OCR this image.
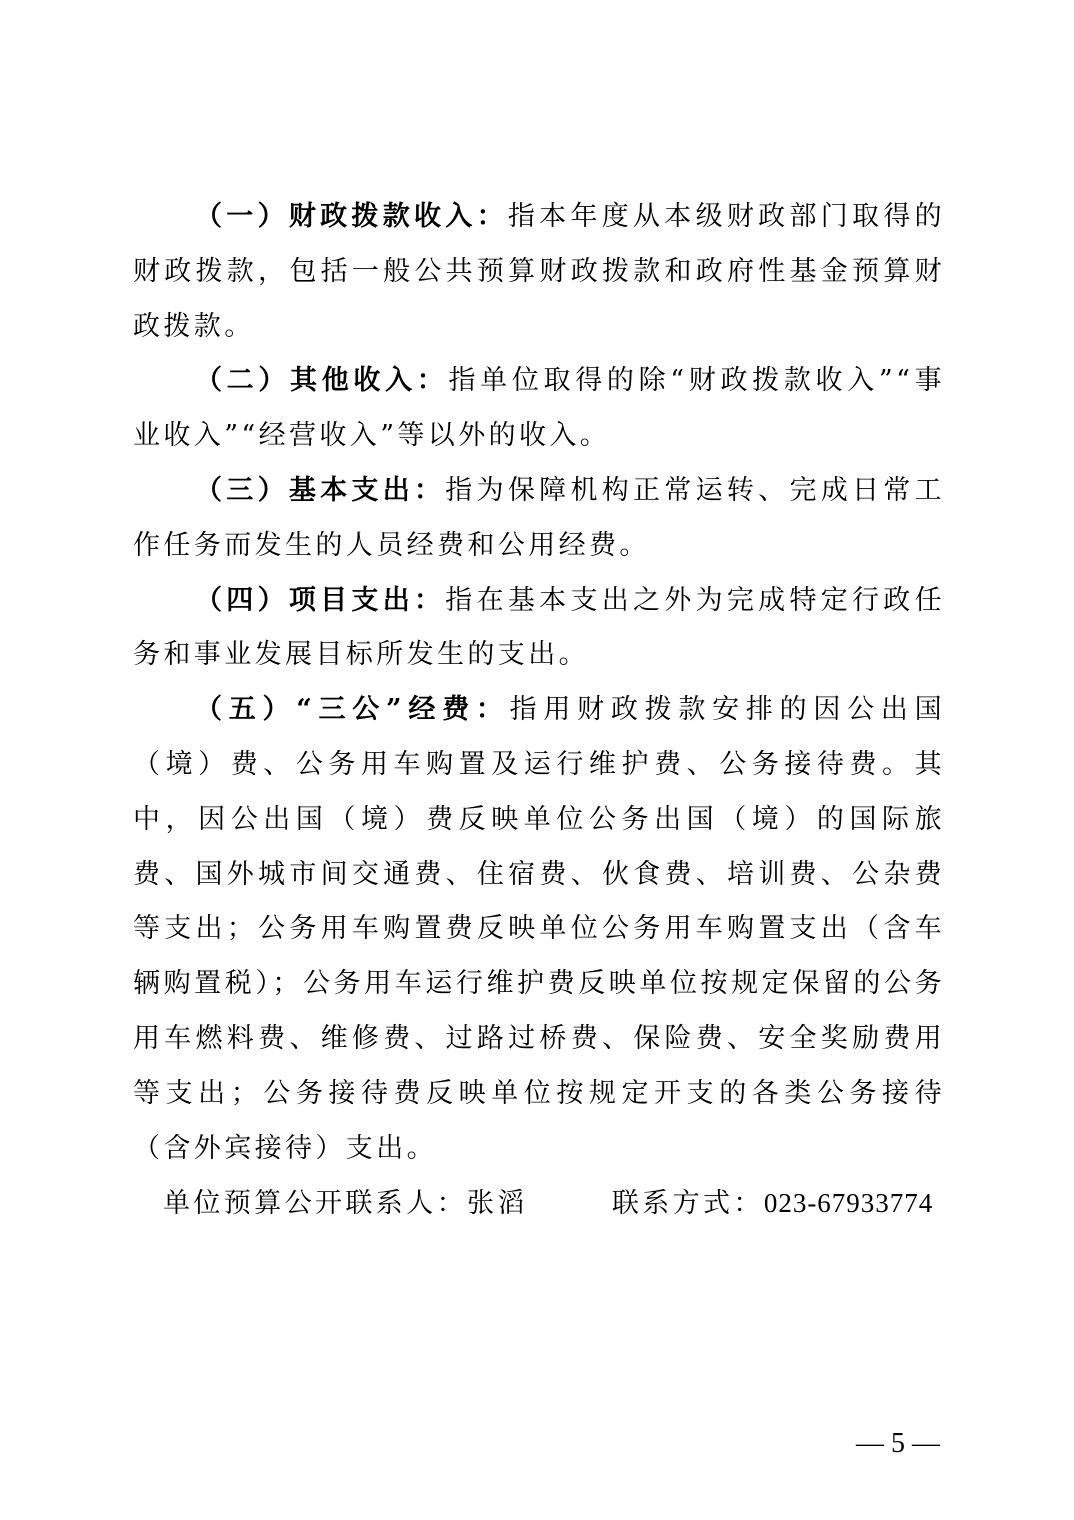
（一）财政拨款收入：指本年度从本级财政部门取得的财政拨款，包括一般公共预算财政拨款和政府性基金预算财政拨款。

（二）其他收入：指单位取得的除“财政拨款收入”“事业收入”“经营收入”等以外的收入。

（三）基本支出：指为保障机构正常运转、完成日常工作任务而发生的人员经费和公用经费。

（四）项目支出：指在基本支出之外为完成特定行政任务和事业发展目标所发生的支出。

（五）“三公”经费：指用财政拨款安排的因公出国（境）费、公务用车购置及运行维护费、公务接待费。其中，因公出国（境）费反映单位公务出国（境）的国际旅费、国外城市间交通费、住宿费、伙食费、培训费、公杂费等支出；公务用车购置费反映单位公务用车购置支出（含车辆购置税）；公务用车运行维护费反映单位按规定保留的公务用车燃料费、维修费、过路过桥费、保险费、安全奖励费用等支出；公务接待费反映单位按规定开支的各类公务接待（含外宾接待）支出。

单位预算公开联系人：张滔	联系方式：023-67933774

— 5 —
